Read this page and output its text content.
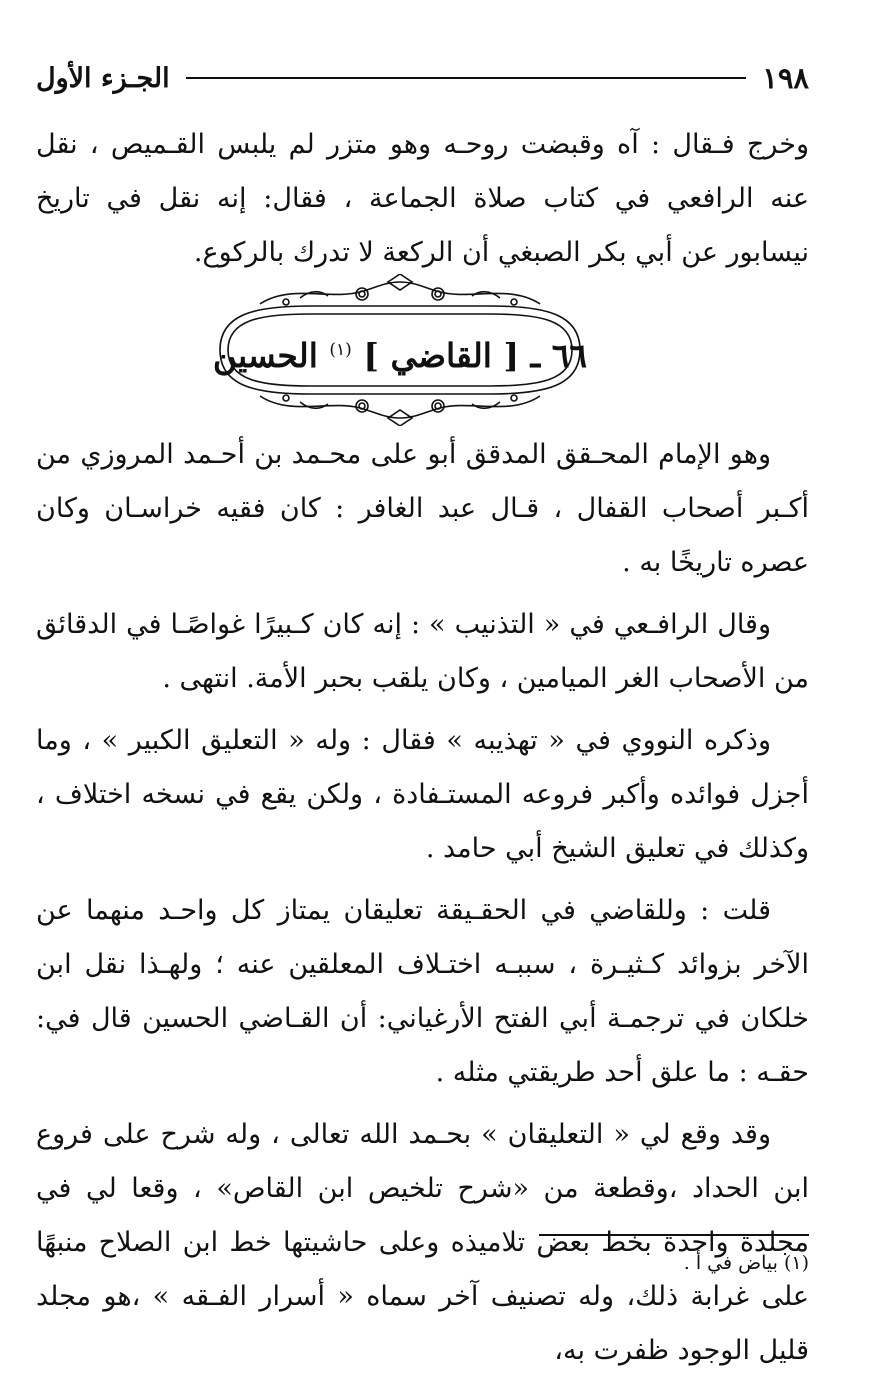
١٩٨
الجـزء الأول

وخرج فـقال : آه وقبضت روحـه وهو متزر لم يلبس القـميص ، نقل عنه الرافعي في كتاب صلاة الجماعة ، فقال: إنه نقل في تاريخ نيسابور عن أبي بكر الصبغي أن الركعة لا تدرك بالركوع.

٦٦ ـ [ القاضي ] $^{(١)}$ الحسين

وهو الإمام المحـقق المدقق أبو على محـمد بن أحـمد المروزي من أكـبر أصحاب القفال ، قـال عبد الغافر : كان فقيه خراسـان وكان عصره تاريخًا به .

وقال الرافـعي في « التذنيب » : إنه كان كـبيرًا غواصًـا في الدقائق من الأصحاب الغر الميامين ، وكان يلقب بحبر الأمة. انتهى .

وذكره النووي في « تهذيبه » فقال : وله « التعليق الكبير » ، وما أجزل فوائده وأكبر فروعه المستـفادة ، ولكن يقع في نسخه اختلاف ، وكذلك في تعليق الشيخ أبي حامد .

قلت : وللقاضي في الحقـيقة تعليقان يمتاز كل واحـد منهما عن الآخر بزوائد كـثيـرة ، سببـه اختـلاف المعلقين عنه ؛ ولهـذا نقل ابن خلكان في ترجمـة أبي الفتح الأرغياني: أن القـاضي الحسين قال في: حقـه : ما علق أحد طريقتي مثله .

وقد وقع لي « التعليقان » بحـمد الله تعالى ، وله شرح على فروع ابن الحداد ،وقطعة من «شرح تلخيص ابن القاص» ، وقعا لي في مجلدة واحدة بخط بعض تلاميذه وعلى حاشيتها خط ابن الصلاح منبهًا على غرابة ذلك، وله تصنيف آخر سماه « أسرار الفـقه » ،هو مجلد قليل الوجود ظفرت به،

(١) بياض في أ .
